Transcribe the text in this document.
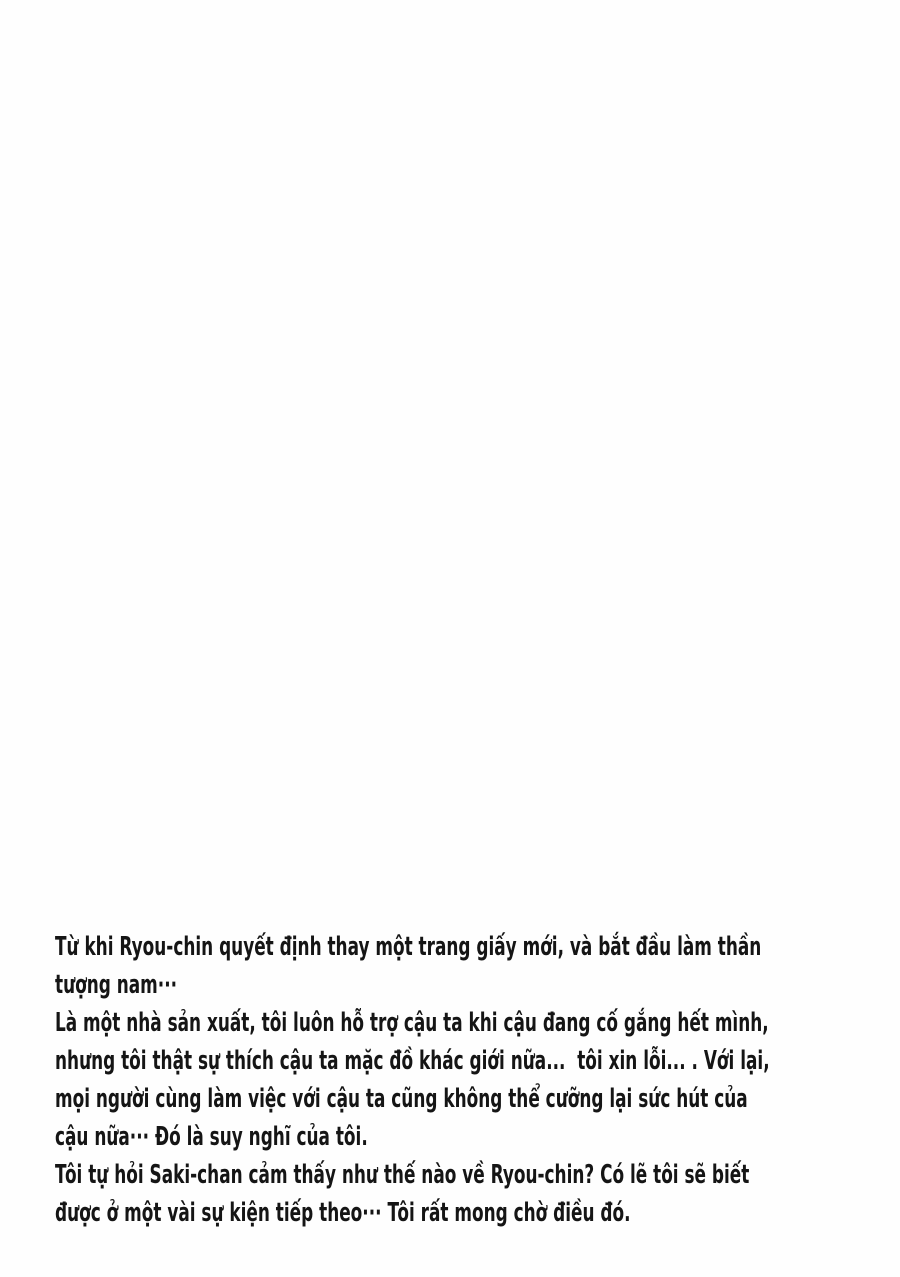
Từ khi Ryou-chin quyết định thay một trang giấy mới, và bắt đầu làm thần
tượng nam···
Là một nhà sản xuất, tôi luôn hỗ trợ cậu ta khi cậu đang cố gắng hết mình,
nhưng tôi thật sự thích cậu ta mặc đồ khác giới nữa...  tôi xin lỗi... . Với lại,
mọi người cùng làm việc với cậu ta cũng không thể cưỡng lại sức hút của
cậu nữa··· Đó là suy nghĩ của tôi.
Tôi tự hỏi Saki-chan cảm thấy như thế nào về Ryou-chin? Có lẽ tôi sẽ biết
được ở một vài sự kiện tiếp theo··· Tôi rất mong chờ điều đó.
